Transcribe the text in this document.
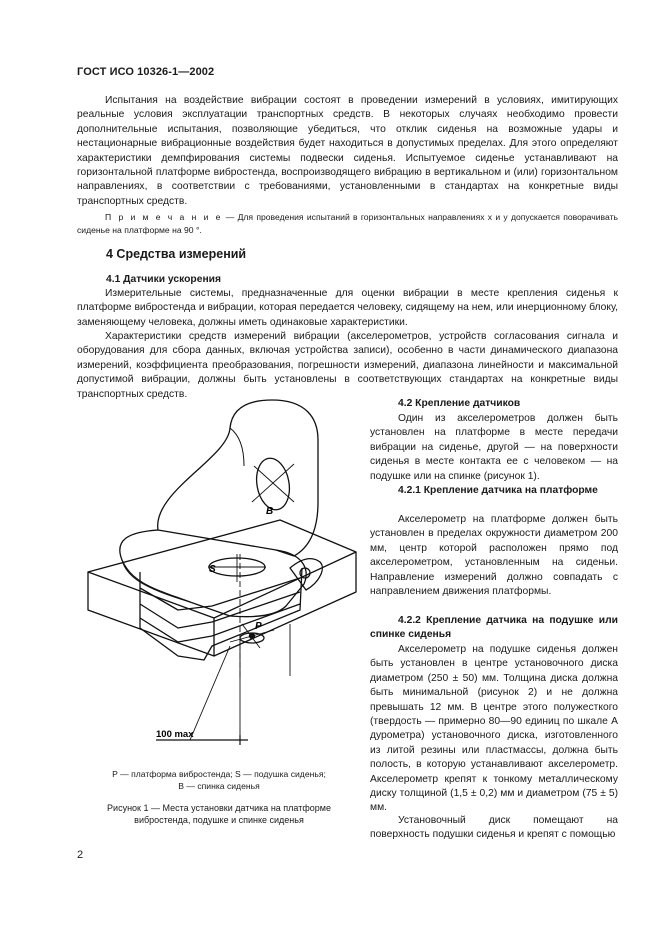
ГОСТ ИСО 10326-1—2002

Испытания на воздействие вибрации состоят в проведении измерений в условиях, имитирующих реальные условия эксплуатации транспортных средств. В некоторых случаях необходимо провести дополнительные испытания, позволяющие убедиться, что отклик сиденья на возможные удары и нестационарные вибрационные воздействия будет находиться в допустимых пределах. Для этого определяют характеристики демпфирования системы подвески сиденья. Испытуемое сиденье устанавливают на горизонтальной платформе вибростенда, воспроизводящего вибрацию в вертикальном и (или) горизонтальном направлениях, в соответствии с требованиями, установленными в стандартах на конкретные виды транспортных средств.

П р и м е ч а н и е — Для проведения испытаний в горизонтальных направлениях x и y допускается поворачивать сиденье на платформе на 90 °.

4 Средства измерений
4.1 Датчики ускорения

Измерительные системы, предназначенные для оценки вибрации в месте крепления сиденья к платформе вибростенда и вибрации, которая передается человеку, сидящему на нем, или инерционному блоку, заменяющему человека, должны иметь одинаковые характеристики.

Характеристики средств измерений вибрации (акселерометров, устройств согласования сигнала и оборудования для сбора данных, включая устройства записи), особенно в части динамического диапазона измерений, коэффициента преобразования, погрешности измерений, диапазона линейности и максимальной допустимой вибрации, должны быть установлены в соответствующих стандартах на конкретные виды транспортных средств.

4.2 Крепление датчиков

Один из акселерометров должен быть установлен на платформе в месте передачи вибрации на сиденье, другой — на поверхности сиденья в месте контакта ее с человеком — на подушке или на спинке (рисунок 1).

4.2.1 Крепление датчика на платформе

Акселерометр на платформе должен быть установлен в пределах окружности диаметром 200 мм, центр которой расположен прямо под акселерометром, установленным на сиденьи. Направление измерений должно совпадать с направлением движения платформы.

4.2.2 Крепление датчика на подушке или спинке сиденья

Акселерометр на подушке сиденья должен быть установлен в центре установочного диска диаметром (250 ± 50) мм. Толщина диска должна быть минимальной (рисунок 2) и не должна превышать 12 мм. В центре этого полужесткого (твердость — примерно 80—90 единиц по шкале А дурометра) установочного диска, изготовленного из литой резины или пластмассы, должна быть полость, в которую устанавливают акселерометр. Акселерометр крепят к тонкому металлическому диску толщиной (1,5 ± 0,2) мм и диаметром (75 ± 5) мм.

Установочный диск помещают на поверхность подушки сиденья и крепят с помощью

B
S
P
100 max
P — платформа вибростенда; S — подушка сиденья;
B — спинка сиденья
Рисунок 1 — Места установки датчика на платформе
вибростенда, подушке и спинке сиденья
2
